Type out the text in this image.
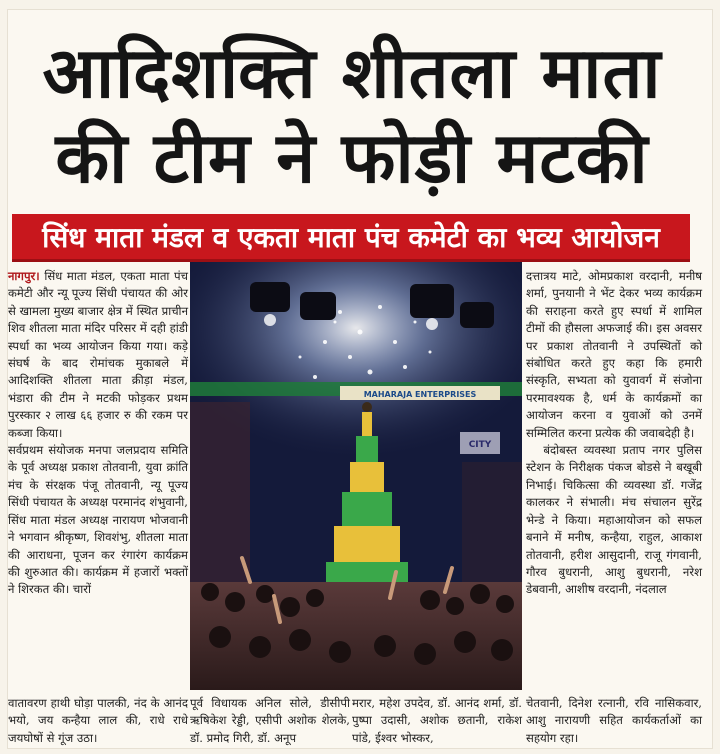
आदिशक्ति शीतला माता
की टीम ने फोड़ी मटकी
सिंध माता मंडल व एकता माता पंच कमेटी का भव्य आयोजन

नागपुर। सिंध माता मंडल, एकता माता पंच कमेटी और न्यू पूज्य सिंधी पंचायत की ओर से खामला मुख्य बाजार क्षेत्र में स्थित प्राचीन शिव शीतला माता मंदिर परिसर में दही हांडी स्पर्धा का भव्य आयोजन किया गया। कड़े संघर्ष के बाद रोमांचक मुकाबले में आदिशक्ति शीतला माता क्रीड़ा मंडल, भंडारा की टीम ने मटकी फोड़कर प्रथम पुरस्कार २ लाख ६६ हजार रु की रकम पर कब्जा किया।

सर्वप्रथम संयोजक मनपा जलप्रदाय समिति के पूर्व अध्यक्ष प्रकाश तोतवानी, युवा क्रांति मंच के संरक्षक पंजू तोतवानी, न्यू पूज्य सिंधी पंचायत के अध्यक्ष परमानंद शंभुवानी, सिंध माता मंडल अध्यक्ष नारायण भोजवानी ने भगवान श्रीकृष्ण, शिवशंभु, शीतला माता की आराधना, पूजन कर रंगारंग कार्यक्रम की शुरुआत की। कार्यक्रम में हजारों भक्तों ने शिरकत की। चारों

MAHARAJA ENTERPRISES
CITY

दत्तात्रय माटे, ओमप्रकाश वरदानी, मनीष शर्मा, पुनयानी ने भेंट देकर भव्य कार्यक्रम की सराहना करते हुए स्पर्धा में शामिल टीमों की हौसला अफजाई की। इस अवसर पर प्रकाश तोतवानी ने उपस्थितों को संबोधित करते हुए कहा कि हमारी संस्कृति, सभ्यता को युवावर्ग में संजोना परमावश्यक है, धर्म के कार्यक्रमों का आयोजन करना व युवाओं को उनमें सम्मिलित करना प्रत्येक की जवाबदेही है।

बंदोबस्त व्यवस्था प्रताप नगर पुलिस स्टेशन के निरीक्षक पंकज बोडसे ने बखूबी निभाई। चिकित्सा की व्यवस्था डॉ. गजेंद्र कालकर ने संभाली। मंच संचालन सुरेंद्र भेन्डे ने किया। महाआयोजन को सफल बनाने में मनीष, कन्हैया, राहुल, आकाश तोतवानी, हरीश आसुदानी, राजू गंगवानी, गौरव बुधरानी, आशु बुधरानी, नरेश डेबवानी, आशीष वरदानी, नंदलाल

वातावरण हाथी घोड़ा पालकी, नंद के आनंद भयो, जय कन्हैया लाल की, राधे राधे जयघोषों से गूंज उठा।
पूर्व विधायक अनिल सोले, डीसीपी ऋषिकेश रेड्डी, एसीपी अशोक शेलके, डॉ. प्रमोद गिरी, डॉ. अनूप
मरार, महेश उपदेव, डॉ. आनंद शर्मा, डॉ. पुष्पा उदासी, अशोक छतानी, राकेश पांडे, ईश्वर भोस्कर,
चेतवानी, दिनेश रत्नानी, रवि नासिकवार, आशु नारायणी सहित कार्यकर्ताओं का सहयोग रहा।
